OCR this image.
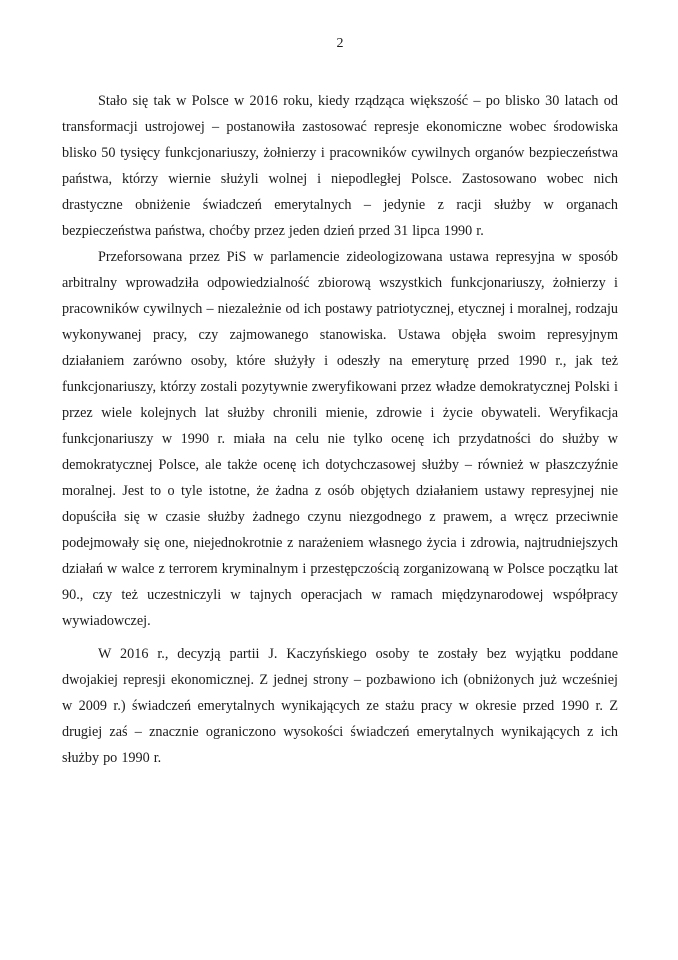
2

Stało się tak w Polsce w 2016 roku, kiedy rządząca większość – po blisko 30 latach od transformacji ustrojowej – postanowiła zastosować represje ekonomiczne wobec środowiska blisko 50 tysięcy funkcjonariuszy, żołnierzy i pracowników cywilnych organów bezpieczeństwa państwa, którzy wiernie służyli wolnej i niepodległej Polsce. Zastosowano wobec nich drastyczne obniżenie świadczeń emerytalnych – jedynie z racji służby w organach bezpieczeństwa państwa, choćby przez jeden dzień przed 31 lipca 1990 r.

Przeforsowana przez PiS w parlamencie zideologizowana ustawa represyjna w sposób arbitralny wprowadziła odpowiedzialność zbiorową wszystkich funkcjonariuszy, żołnierzy i pracowników cywilnych – niezależnie od ich postawy patriotycznej, etycznej i moralnej, rodzaju wykonywanej pracy, czy zajmowanego stanowiska. Ustawa objęła swoim represyjnym działaniem zarówno osoby, które służyły i odeszły na emeryturę przed 1990 r., jak też funkcjonariuszy, którzy zostali pozytywnie zweryfikowani przez władze demokratycznej Polski i przez wiele kolejnych lat służby chronili mienie, zdrowie i życie obywateli. Weryfikacja funkcjonariuszy w 1990 r. miała na celu nie tylko ocenę ich przydatności do służby w demokratycznej Polsce, ale także ocenę ich dotychczasowej służby – również w płaszczyźnie moralnej. Jest to o tyle istotne, że żadna z osób objętych działaniem ustawy represyjnej nie dopuściła się w czasie służby żadnego czynu niezgodnego z prawem, a wręcz przeciwnie podejmowały się one, niejednokrotnie z narażeniem własnego życia i zdrowia, najtrudniejszych działań w walce z terrorem kryminalnym i przestępczością zorganizowaną w Polsce początku lat 90., czy też uczestniczyli w tajnych operacjach w ramach międzynarodowej współpracy wywiadowczej.

W 2016 r., decyzją partii J. Kaczyńskiego osoby te zostały bez wyjątku poddane dwojakiej represji ekonomicznej. Z jednej strony – pozbawiono ich (obniżonych już wcześniej w 2009 r.) świadczeń emerytalnych wynikających ze stażu pracy w okresie przed 1990 r. Z drugiej zaś – znacznie ograniczono wysokości świadczeń emerytalnych wynikających z ich służby po 1990 r.
